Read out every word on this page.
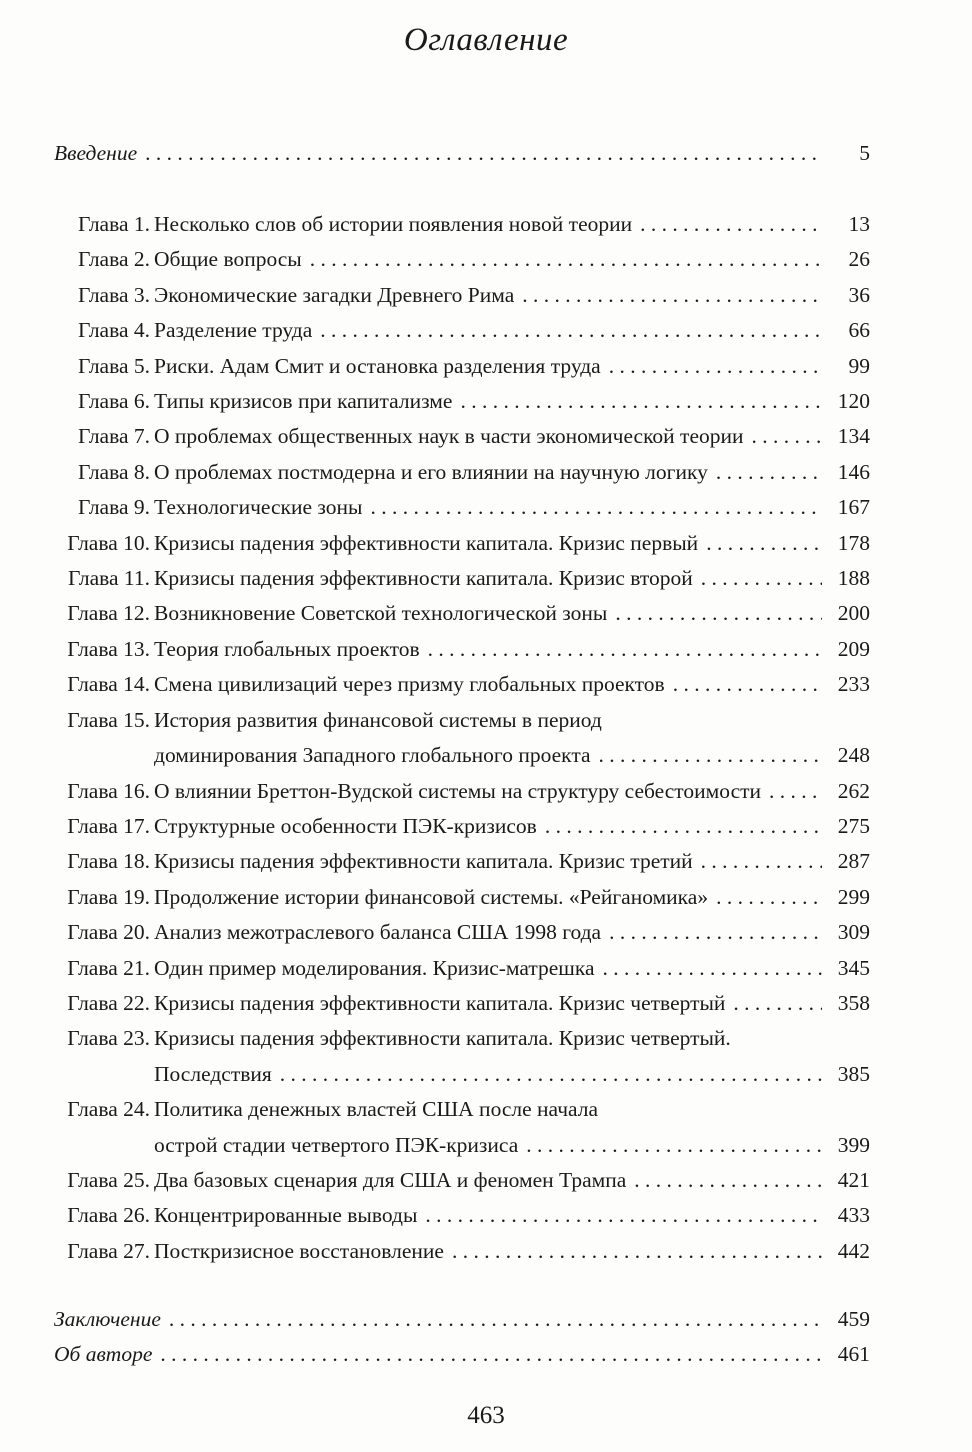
Оглавление
Введение . . .	5
Глава 1. Несколько слов об истории появления новой теории . . .	13
Глава 2. Общие вопросы . . .	26
Глава 3. Экономические загадки Древнего Рима . . .	36
Глава 4. Разделение труда . . .	66
Глава 5. Риски. Адам Смит и остановка разделения труда . . .	99
Глава 6. Типы кризисов при капитализме . . .	120
Глава 7. О проблемах общественных наук в части экономической теории . . .	134
Глава 8. О проблемах постмодерна и его влиянии на научную логику . . .	146
Глава 9. Технологические зоны . . .	167
Глава 10. Кризисы падения эффективности капитала. Кризис первый . . .	178
Глава 11. Кризисы падения эффективности капитала. Кризис второй . . .	188
Глава 12. Возникновение Советской технологической зоны . . .	200
Глава 13. Теория глобальных проектов . . .	209
Глава 14. Смена цивилизаций через призму глобальных проектов . . .	233
Глава 15. История развития финансовой системы в период
доминирования Западного глобального проекта . . .	248
Глава 16. О влиянии Бреттон-Вудской системы на структуру себестоимости . . .	262
Глава 17. Структурные особенности ПЭК-кризисов . . .	275
Глава 18. Кризисы падения эффективности капитала. Кризис третий . . .	287
Глава 19. Продолжение истории финансовой системы. «Рейганомика» . . .	299
Глава 20. Анализ межотраслевого баланса США 1998 года . . .	309
Глава 21. Один пример моделирования. Кризис-матрешка . . .	345
Глава 22. Кризисы падения эффективности капитала. Кризис четвертый . . .	358
Глава 23. Кризисы падения эффективности капитала. Кризис четвертый.
Последствия . . .	385
Глава 24. Политика денежных властей США после начала
острой стадии четвертого ПЭК-кризиса . . .	399
Глава 25. Два базовых сценария для США и феномен Трампа . . .	421
Глава 26. Концентрированные выводы . . .	433
Глава 27. Посткризисное восстановление . . .	442
Заключение . . .	459
Об авторе . . .	461
463
